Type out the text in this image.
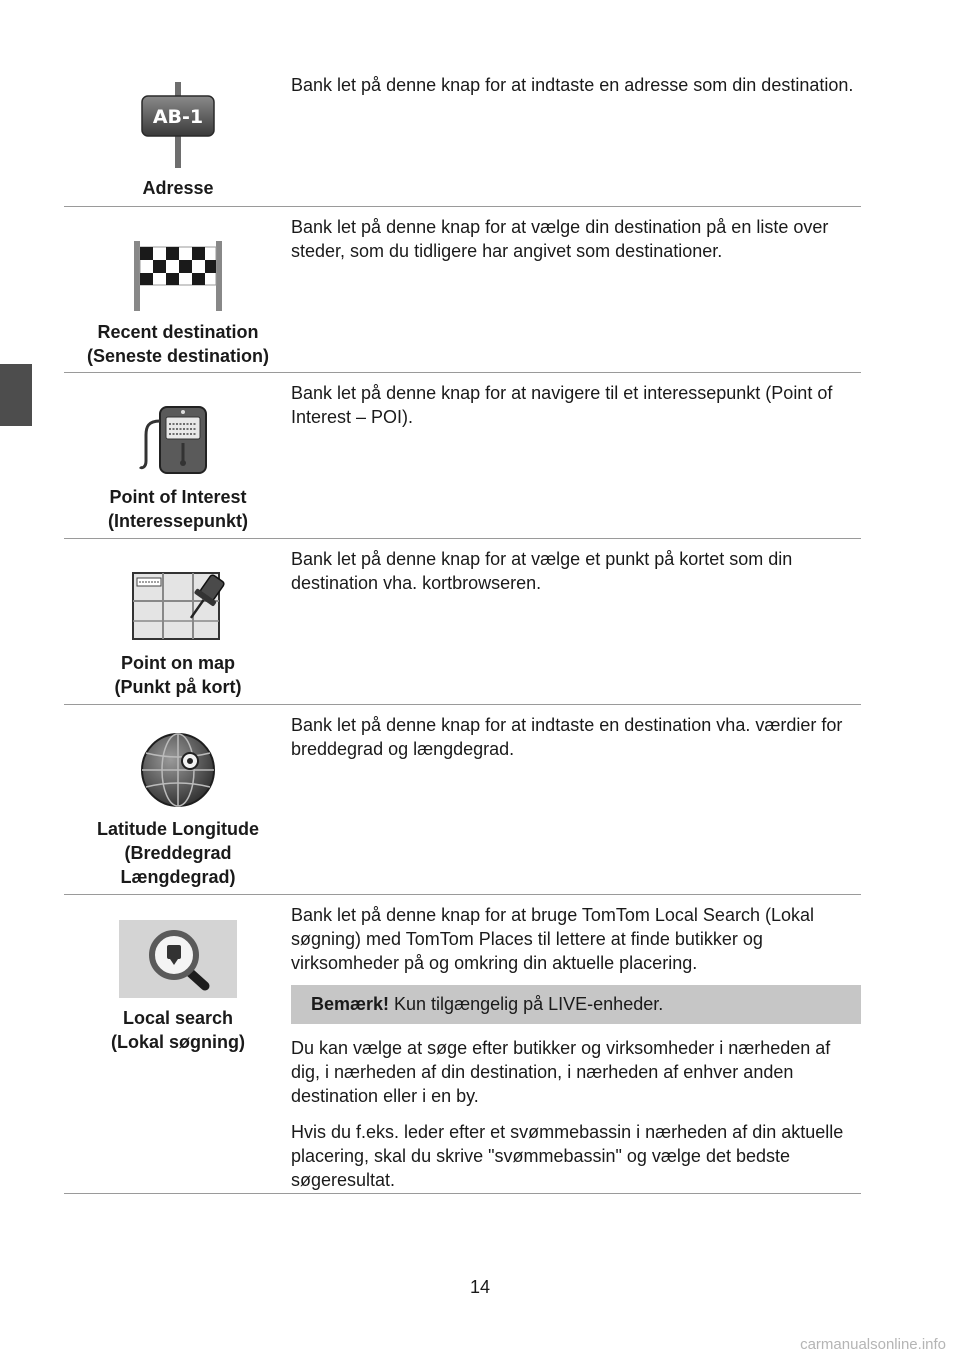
AB-1
Adresse

Bank let på denne knap for at indtaste en adresse som din destination.

Recent destination
(Seneste destination)

Bank let på denne knap for at vælge din destination på en liste over steder, som du tidligere har angivet som destinationer.

Point of Interest
(Interessepunkt)

Bank let på denne knap for at navigere til et interessepunkt (Point of Interest – POI).

Point on map
(Punkt på kort)

Bank let på denne knap for at vælge et punkt på kortet som din destination vha. kortbrowseren.

Latitude Longitude
(Breddegrad
Længdegrad)

Bank let på denne knap for at indtaste en destination vha. værdier for breddegrad og længdegrad.

Local search
(Lokal søgning)

Bank let på denne knap for at bruge TomTom Local Search (Lokal søgning) med TomTom Places til lettere at finde butikker og virksomheder på og omkring din aktuelle placering.

Bemærk! Kun tilgængelig på LIVE-enheder.

Du kan vælge at søge efter butikker og virksomheder i nærheden af dig, i nærheden af din destination, i nærheden af enhver anden destination eller i en by.

Hvis du f.eks. leder efter et svømmebassin i nærheden af din aktuelle placering, skal du skrive "svømmebassin" og vælge det bedste søgeresultat.

14
carmanualsonline.info
